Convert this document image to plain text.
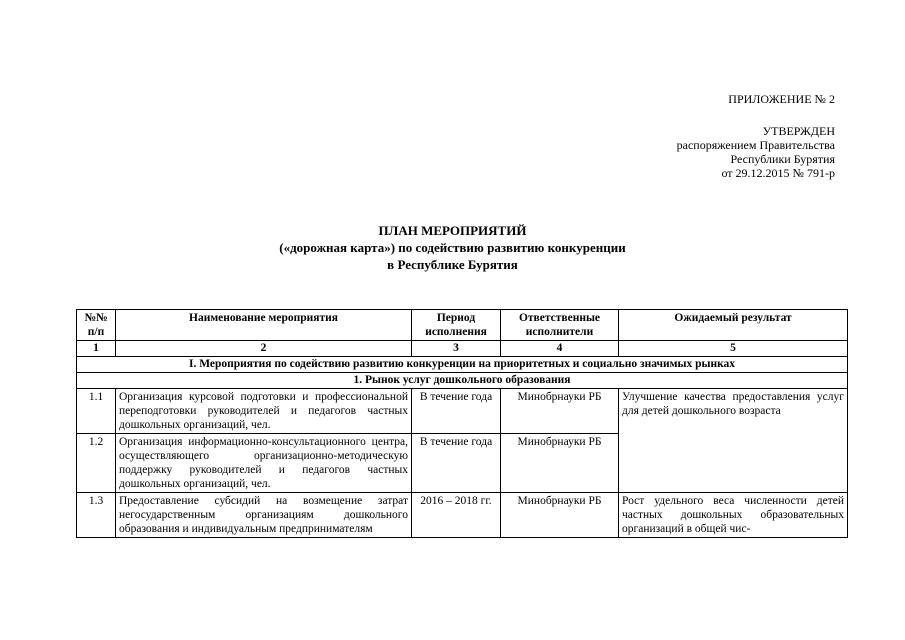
ПРИЛОЖЕНИЕ № 2
УТВЕРЖДЕН
распоряжением Правительства
Республики Бурятия
от 29.12.2015 № 791-р
ПЛАН МЕРОПРИЯТИЙ
(«дорожная карта») по содействию развитию конкуренции
в Республике Бурятия
№№ п/п	Наименование мероприятия	Период исполнения	Ответственные исполнители	Ожидаемый результат
1	2	3	4	5
I. Мероприятия по содействию развитию конкуренции на приоритетных и социально значимых рынках				
1. Рынок услуг дошкольного образования				
1.1	Организация курсовой подготовки и профессиональной переподготовки руководителей и педагогов частных дошкольных организаций, чел.	В течение года	Минобрнауки РБ	Улучшение качества предоставления услуг для детей дошкольного возраста
1.2	Организация информационно-консультационного центра, осуществляющего организационно-методическую поддержку руководителей и педагогов частных дошкольных организаций, чел.	В течение года	Минобрнауки РБ	
1.3	Предоставление субсидий на возмещение затрат негосударственным организациям дошкольного образования и индивидуальным предпринимателям	2016 – 2018 гг.	Минобрнауки РБ	Рост удельного веса численности детей частных дошкольных образовательных организаций в общей чис-
